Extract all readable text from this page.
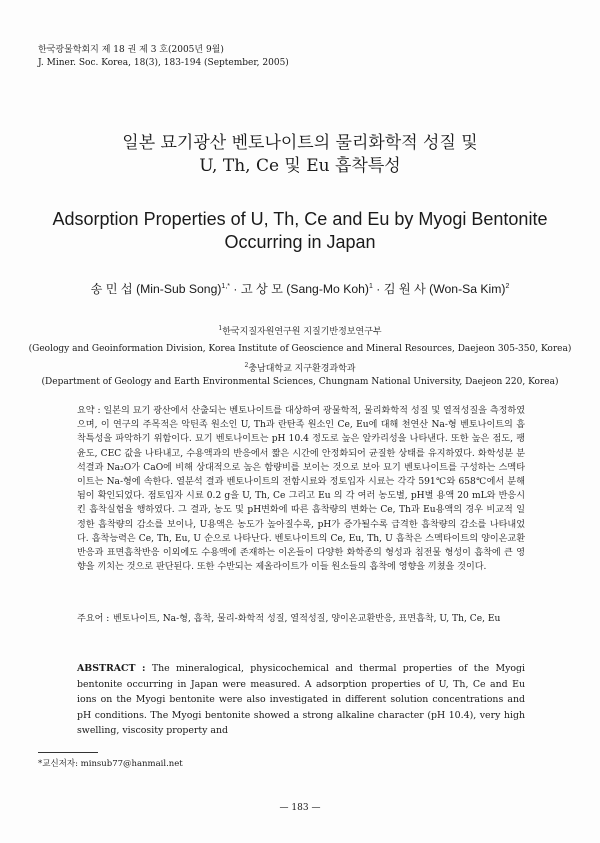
한국광물학회지 제 18 권 제 3 호(2005년 9월)
J. Miner. Soc. Korea, 18(3), 183-194 (September, 2005)
일본 묘기광산 벤토나이트의 물리화학적 성질 및
U, Th, Ce 및 Eu 흡착특성
Adsorption Properties of U, Th, Ce and Eu by Myogi Bentonite
Occurring in Japan
송 민 섭 (Min-Sub Song)$^{1,*}$ · 고 상 모 (Sang-Mo Koh)$^1$ · 김 원 사 (Won-Sa Kim)$^2$
$^1$한국지질자원연구원 지질기반정보연구부
(Geology and Geoinformation Division, Korea Institute of Geoscience and Mineral Resources, Daejeon 305-350, Korea)
$^2$충남대학교 지구환경과학과
(Department of Geology and Earth Environmental Sciences, Chungnam National University, Daejeon 220, Korea)
요약 : 일본의 묘기 광산에서 산출되는 벤토나이트를 대상하여 광물학적, 물리화학적 성질 및 열적성질을 측정하였으며, 이 연구의 주목적은 악틴족 원소인 U, Th과 란탄족 원소인 Ce, Eu에 대해 천연산 Na-형 벤토나이트의 흡착특성을 파악하기 위함이다. 묘기 벤토나이트는 pH 10.4 정도로 높은 알카리성을 나타낸다. 또한 높은 점도, 팽윤도, CEC 값을 나타내고, 수용액과의 반응에서 짧은 시간에 안정화되어 균질한 상태를 유지하였다. 화학성분 분석결과 Na₂O가 CaO에 비해 상대적으로 높은 함량비를 보이는 것으로 보아 묘기 벤토나이트를 구성하는 스멕타이트는 Na-형에 속한다. 열분석 결과 벤토나이트의 전함시료와 정토입자 시료는 각각 591℃와 658℃에서 분해됨이 확인되었다. 점토입자 시료 0.2 g을 U, Th, Ce 그리고 Eu 의 각 여러 농도별, pH별 용액 20 mL와 반응시킨 흡착실험을 행하였다. 그 결과, 농도 및 pH변화에 따른 흡착량의 변화는 Ce, Th과 Eu용액의 경우 비교적 일정한 흡착량의 감소를 보이나, U용액은 농도가 높아질수록, pH가 증가될수록 급격한 흡착량의 감소를 나타내었다. 흡착능력은 Ce, Th, Eu, U 순으로 나타난다. 벤토나이트의 Ce, Eu, Th, U 흡착은 스멕타이트의 양이온교환반응과 표면흡착반응 이외에도 수용액에 존재하는 이온들이 다양한 화학종의 형성과 침전물 형성이 흡착에 큰 영향을 끼치는 것으로 판단된다. 또한 수반되는 제올라이트가 이들 원소들의 흡착에 영향을 끼쳤을 것이다.
주요어 : 벤토나이트, Na-형, 흡착, 물리-화학적 성질, 열적성질, 양이온교환반응, 표면흡착, U, Th, Ce, Eu
ABSTRACT : The mineralogical, physicochemical and thermal properties of the Myogi bentonite occurring in Japan were measured. A adsorption properties of U, Th, Ce and Eu ions on the Myogi bentonite were also investigated in different solution concentrations and pH conditions. The Myogi bentonite showed a strong alkaline character (pH 10.4), very high swelling, viscosity property and
*교신저자: minsub77@hanmail.net
— 183 —
